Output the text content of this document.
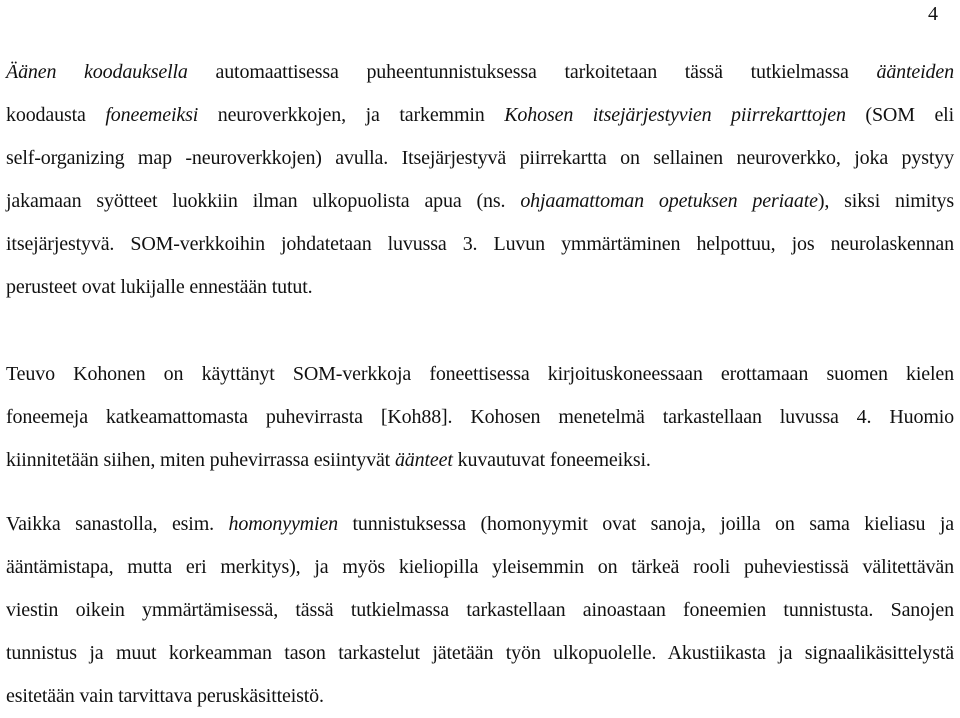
4
Äänen koodauksella automaattisessa puheentunnistuksessa tarkoitetaan tässä tutkielmassa äänteiden
koodausta foneemeiksi neuroverkkojen, ja tarkemmin Kohosen itsejärjestyvien piirrekarttojen (SOM eli
self-organizing map -neuroverkkojen) avulla. Itsejärjestyvä piirrekartta on sellainen neuroverkko, joka pystyy
jakamaan syötteet luokkiin ilman ulkopuolista apua (ns. ohjaamattoman opetuksen periaate), siksi nimitys
itsejärjestyvä. SOM-verkkoihin johdatetaan luvussa 3. Luvun ymmärtäminen helpottuu, jos neurolaskennan
perusteet ovat lukijalle ennestään tutut.
Teuvo Kohonen on käyttänyt SOM-verkkoja foneettisessa kirjoituskoneessaan erottamaan suomen kielen
foneemeja katkeamattomasta puhevirrasta [Koh88]. Kohosen menetelmä tarkastellaan luvussa 4. Huomio
kiinnitetään siihen, miten puhevirrassa esiintyvät äänteet kuvautuvat foneemeiksi.
Vaikka sanastolla, esim. homonyymien tunnistuksessa (homonyymit ovat sanoja, joilla on sama kieliasu ja
ääntämistapa, mutta eri merkitys), ja myös kieliopilla yleisemmin on tärkeä rooli puheviestissä välitettävän
viestin oikein ymmärtämisessä, tässä tutkielmassa tarkastellaan ainoastaan foneemien tunnistusta. Sanojen
tunnistus ja muut korkeamman tason tarkastelut jätetään työn ulkopuolelle. Akustiikasta ja signaalikäsittelystä
esitetään vain tarvittava peruskäsitteistö.
